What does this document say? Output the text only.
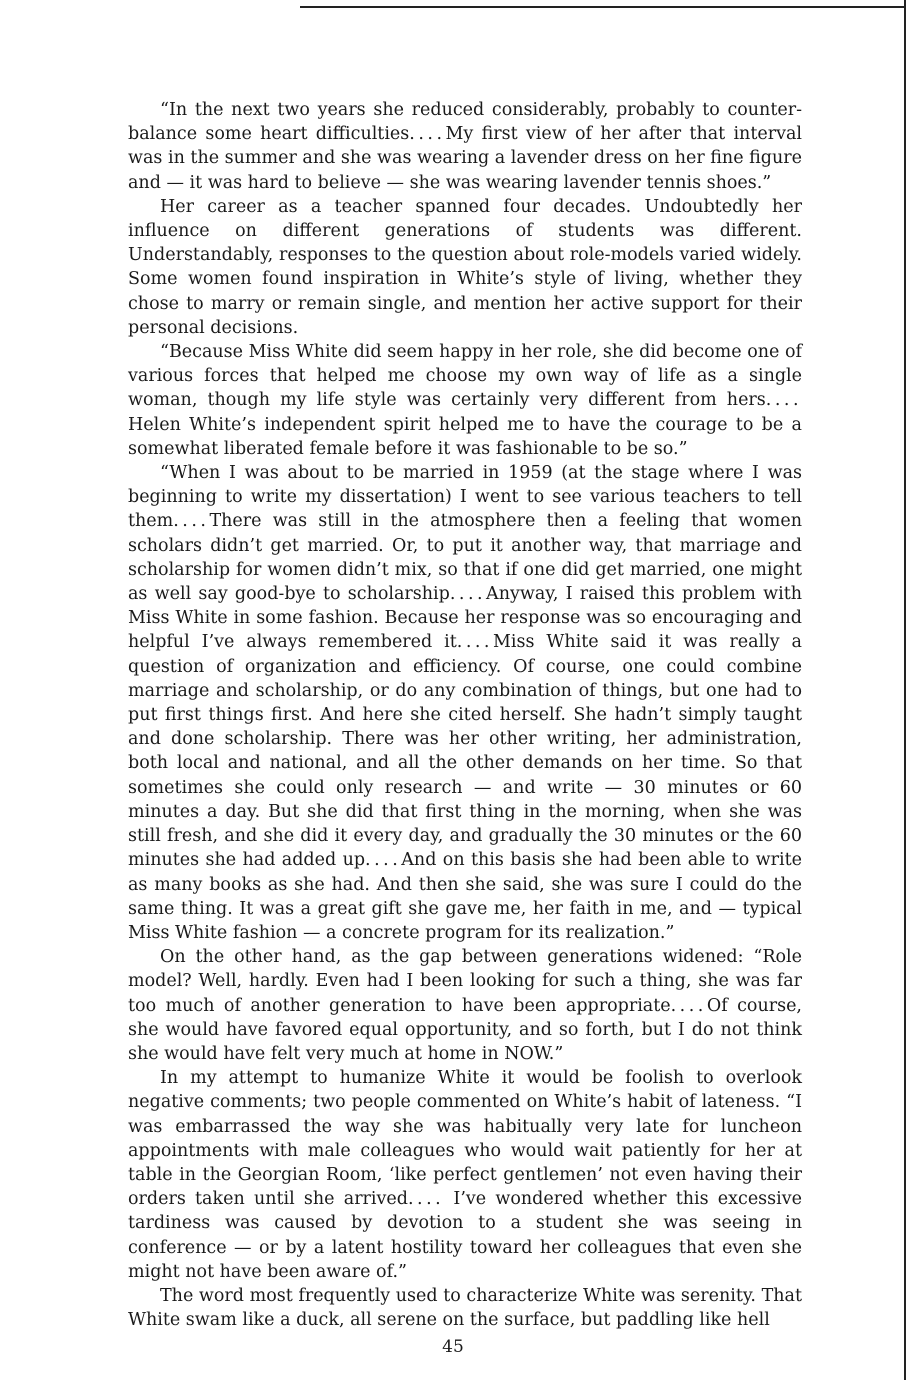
“In the next two years she reduced considerably, probably to counter-balance some heart difficulties. . . . My first view of her after that interval was in the summer and she was wearing a lavender dress on her fine figure and — it was hard to believe — she was wearing lavender tennis shoes.”

Her career as a teacher spanned four decades. Undoubtedly her influence on different generations of students was different. Understandably, responses to the question about role-models varied widely. Some women found inspiration in White’s style of living, whether they chose to marry or remain single, and mention her active support for their personal decisions.

“Because Miss White did seem happy in her role, she did become one of various forces that helped me choose my own way of life as a single woman, though my life style was certainly very different from hers. . . . Helen White’s independent spirit helped me to have the courage to be a somewhat liberated female before it was fashionable to be so.”

“When I was about to be married in 1959 (at the stage where I was beginning to write my dissertation) I went to see various teachers to tell them. . . . There was still in the atmosphere then a feeling that women scholars didn’t get married. Or, to put it another way, that marriage and scholarship for women didn’t mix, so that if one did get married, one might as well say good-bye to scholarship. . . . Anyway, I raised this problem with Miss White in some fashion. Because her response was so encouraging and helpful I’ve always remembered it. . . . Miss White said it was really a question of organization and efficiency. Of course, one could combine marriage and scholarship, or do any combination of things, but one had to put first things first. And here she cited herself. She hadn’t simply taught and done scholarship. There was her other writing, her administration, both local and national, and all the other demands on her time. So that sometimes she could only research — and write — 30 minutes or 60 minutes a day. But she did that first thing in the morning, when she was still fresh, and she did it every day, and gradually the 30 minutes or the 60 minutes she had added up. . . . And on this basis she had been able to write as many books as she had. And then she said, she was sure I could do the same thing. It was a great gift she gave me, her faith in me, and — typical Miss White fashion — a concrete program for its realization.”

On the other hand, as the gap between generations widened: “Role model? Well, hardly. Even had I been looking for such a thing, she was far too much of another generation to have been appropriate. . . . Of course, she would have favored equal opportunity, and so forth, but I do not think she would have felt very much at home in NOW.”

In my attempt to humanize White it would be foolish to overlook negative comments; two people commented on White’s habit of lateness. “I was embarrassed the way she was habitually very late for luncheon appointments with male colleagues who would wait patiently for her at table in the Georgian Room, ‘like perfect gentlemen’ not even having their orders taken until she arrived. . . .  I’ve wondered whether this excessive tardiness was caused by devotion to a student she was seeing in conference — or by a latent hostility toward her colleagues that even she might not have been aware of.”

The word most frequently used to characterize White was serenity. That White swam like a duck, all serene on the surface, but paddling like hell

45
